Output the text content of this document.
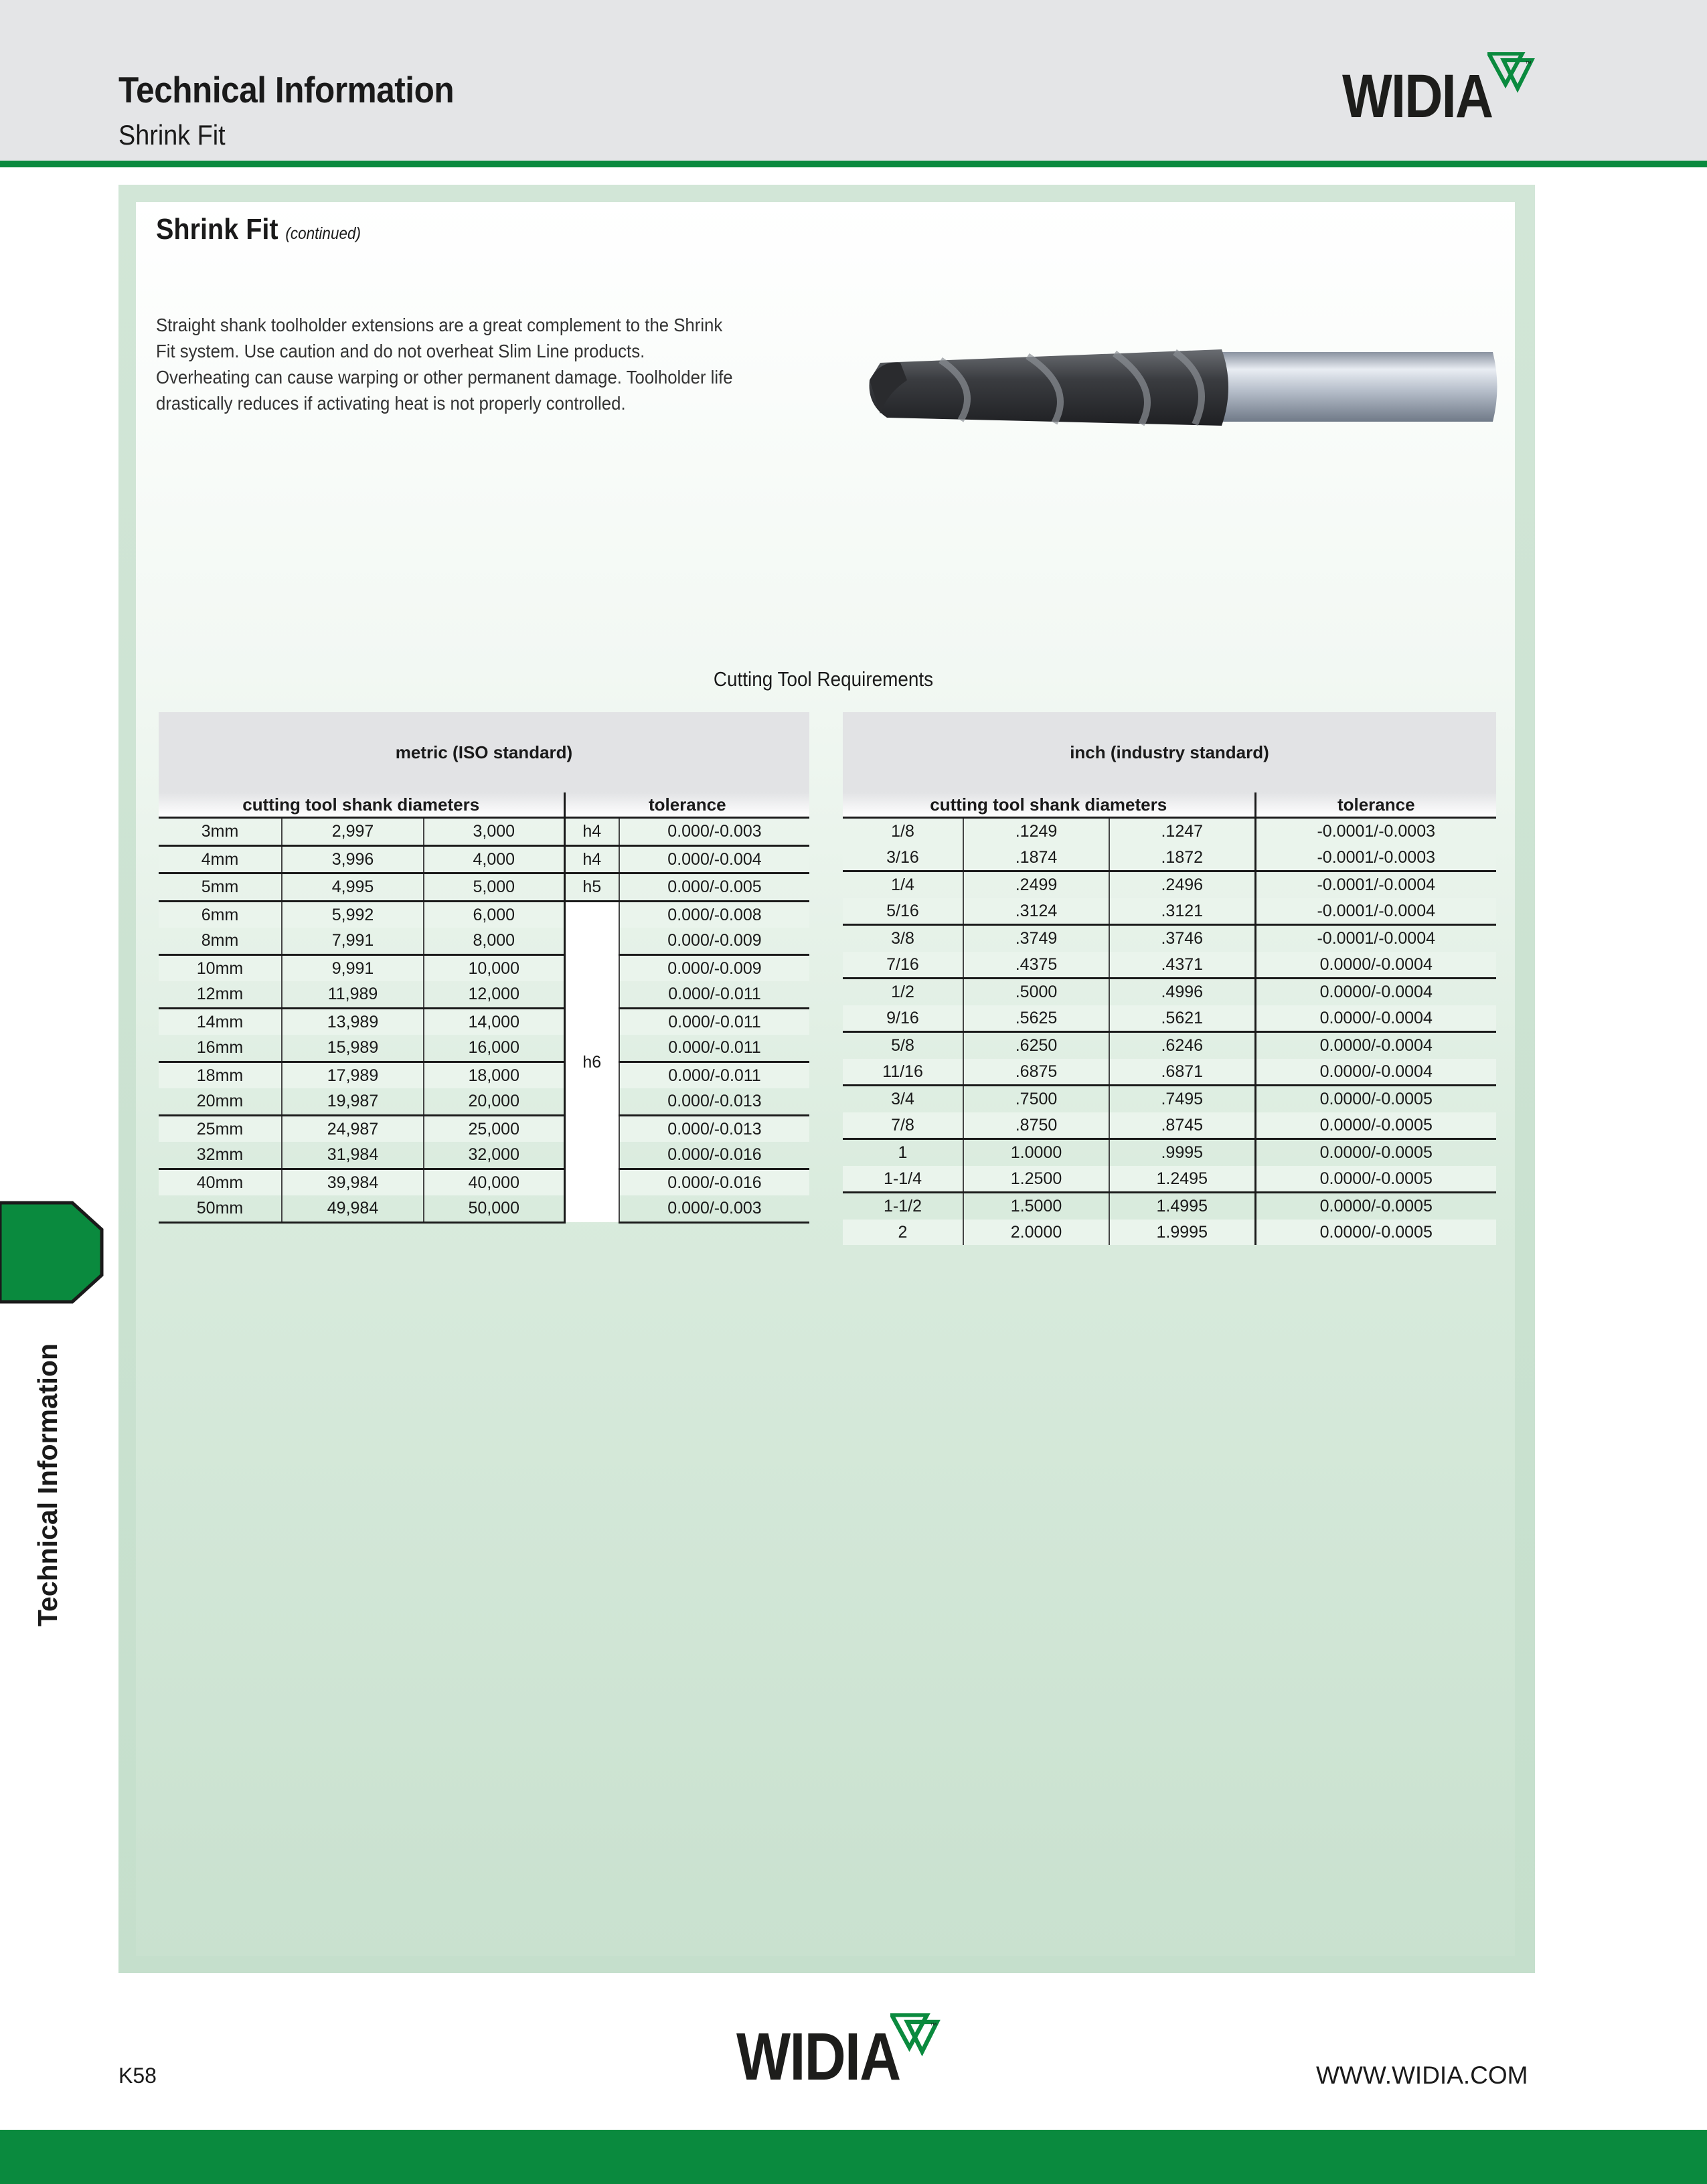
Technical Information
Shrink Fit
WIDIA	™
Shrink Fit (continued)
Straight shank toolholder extensions are a great complement to the Shrink Fit system. Use caution and do not overheat Slim Line products. Overheating can cause warping or other permanent damage. Toolholder life drastically reduces if activating heat is not properly controlled.
Cutting Tool Requirements
metric (ISO standard)				
cutting tool shank diameters			tolerance	
3mm	2,997	3,000	h4	0.000/-0.003
4mm	3,996	4,000	h4	0.000/-0.004
5mm	4,995	5,000	h5	0.000/-0.005
6mm	5,992	6,000	h6	0.000/-0.008
8mm	7,991	8,000		0.000/-0.009
10mm	9,991	10,000		0.000/-0.009
12mm	11,989	12,000		0.000/-0.011
14mm	13,989	14,000		0.000/-0.011
16mm	15,989	16,000		0.000/-0.011
18mm	17,989	18,000		0.000/-0.011
20mm	19,987	20,000		0.000/-0.013
25mm	24,987	25,000		0.000/-0.013
32mm	31,984	32,000		0.000/-0.016
40mm	39,984	40,000		0.000/-0.016
50mm	49,984	50,000		0.000/-0.003
inch (industry standard)			
cutting tool shank diameters			tolerance
1/8	.1249	.1247	-0.0001/-0.0003
3/16	.1874	.1872	-0.0001/-0.0003
1/4	.2499	.2496	-0.0001/-0.0004
5/16	.3124	.3121	-0.0001/-0.0004
3/8	.3749	.3746	-0.0001/-0.0004
7/16	.4375	.4371	0.0000/-0.0004
1/2	.5000	.4996	0.0000/-0.0004
9/16	.5625	.5621	0.0000/-0.0004
5/8	.6250	.6246	0.0000/-0.0004
11/16	.6875	.6871	0.0000/-0.0004
3/4	.7500	.7495	0.0000/-0.0005
7/8	.8750	.8745	0.0000/-0.0005
1	1.0000	.9995	0.0000/-0.0005
1-1/4	1.2500	1.2495	0.0000/-0.0005
1-1/2	1.5000	1.4995	0.0000/-0.0005
2	2.0000	1.9995	0.0000/-0.0005
Technical Information
K58	WIDIA	™
WWW.WIDIA.COM
